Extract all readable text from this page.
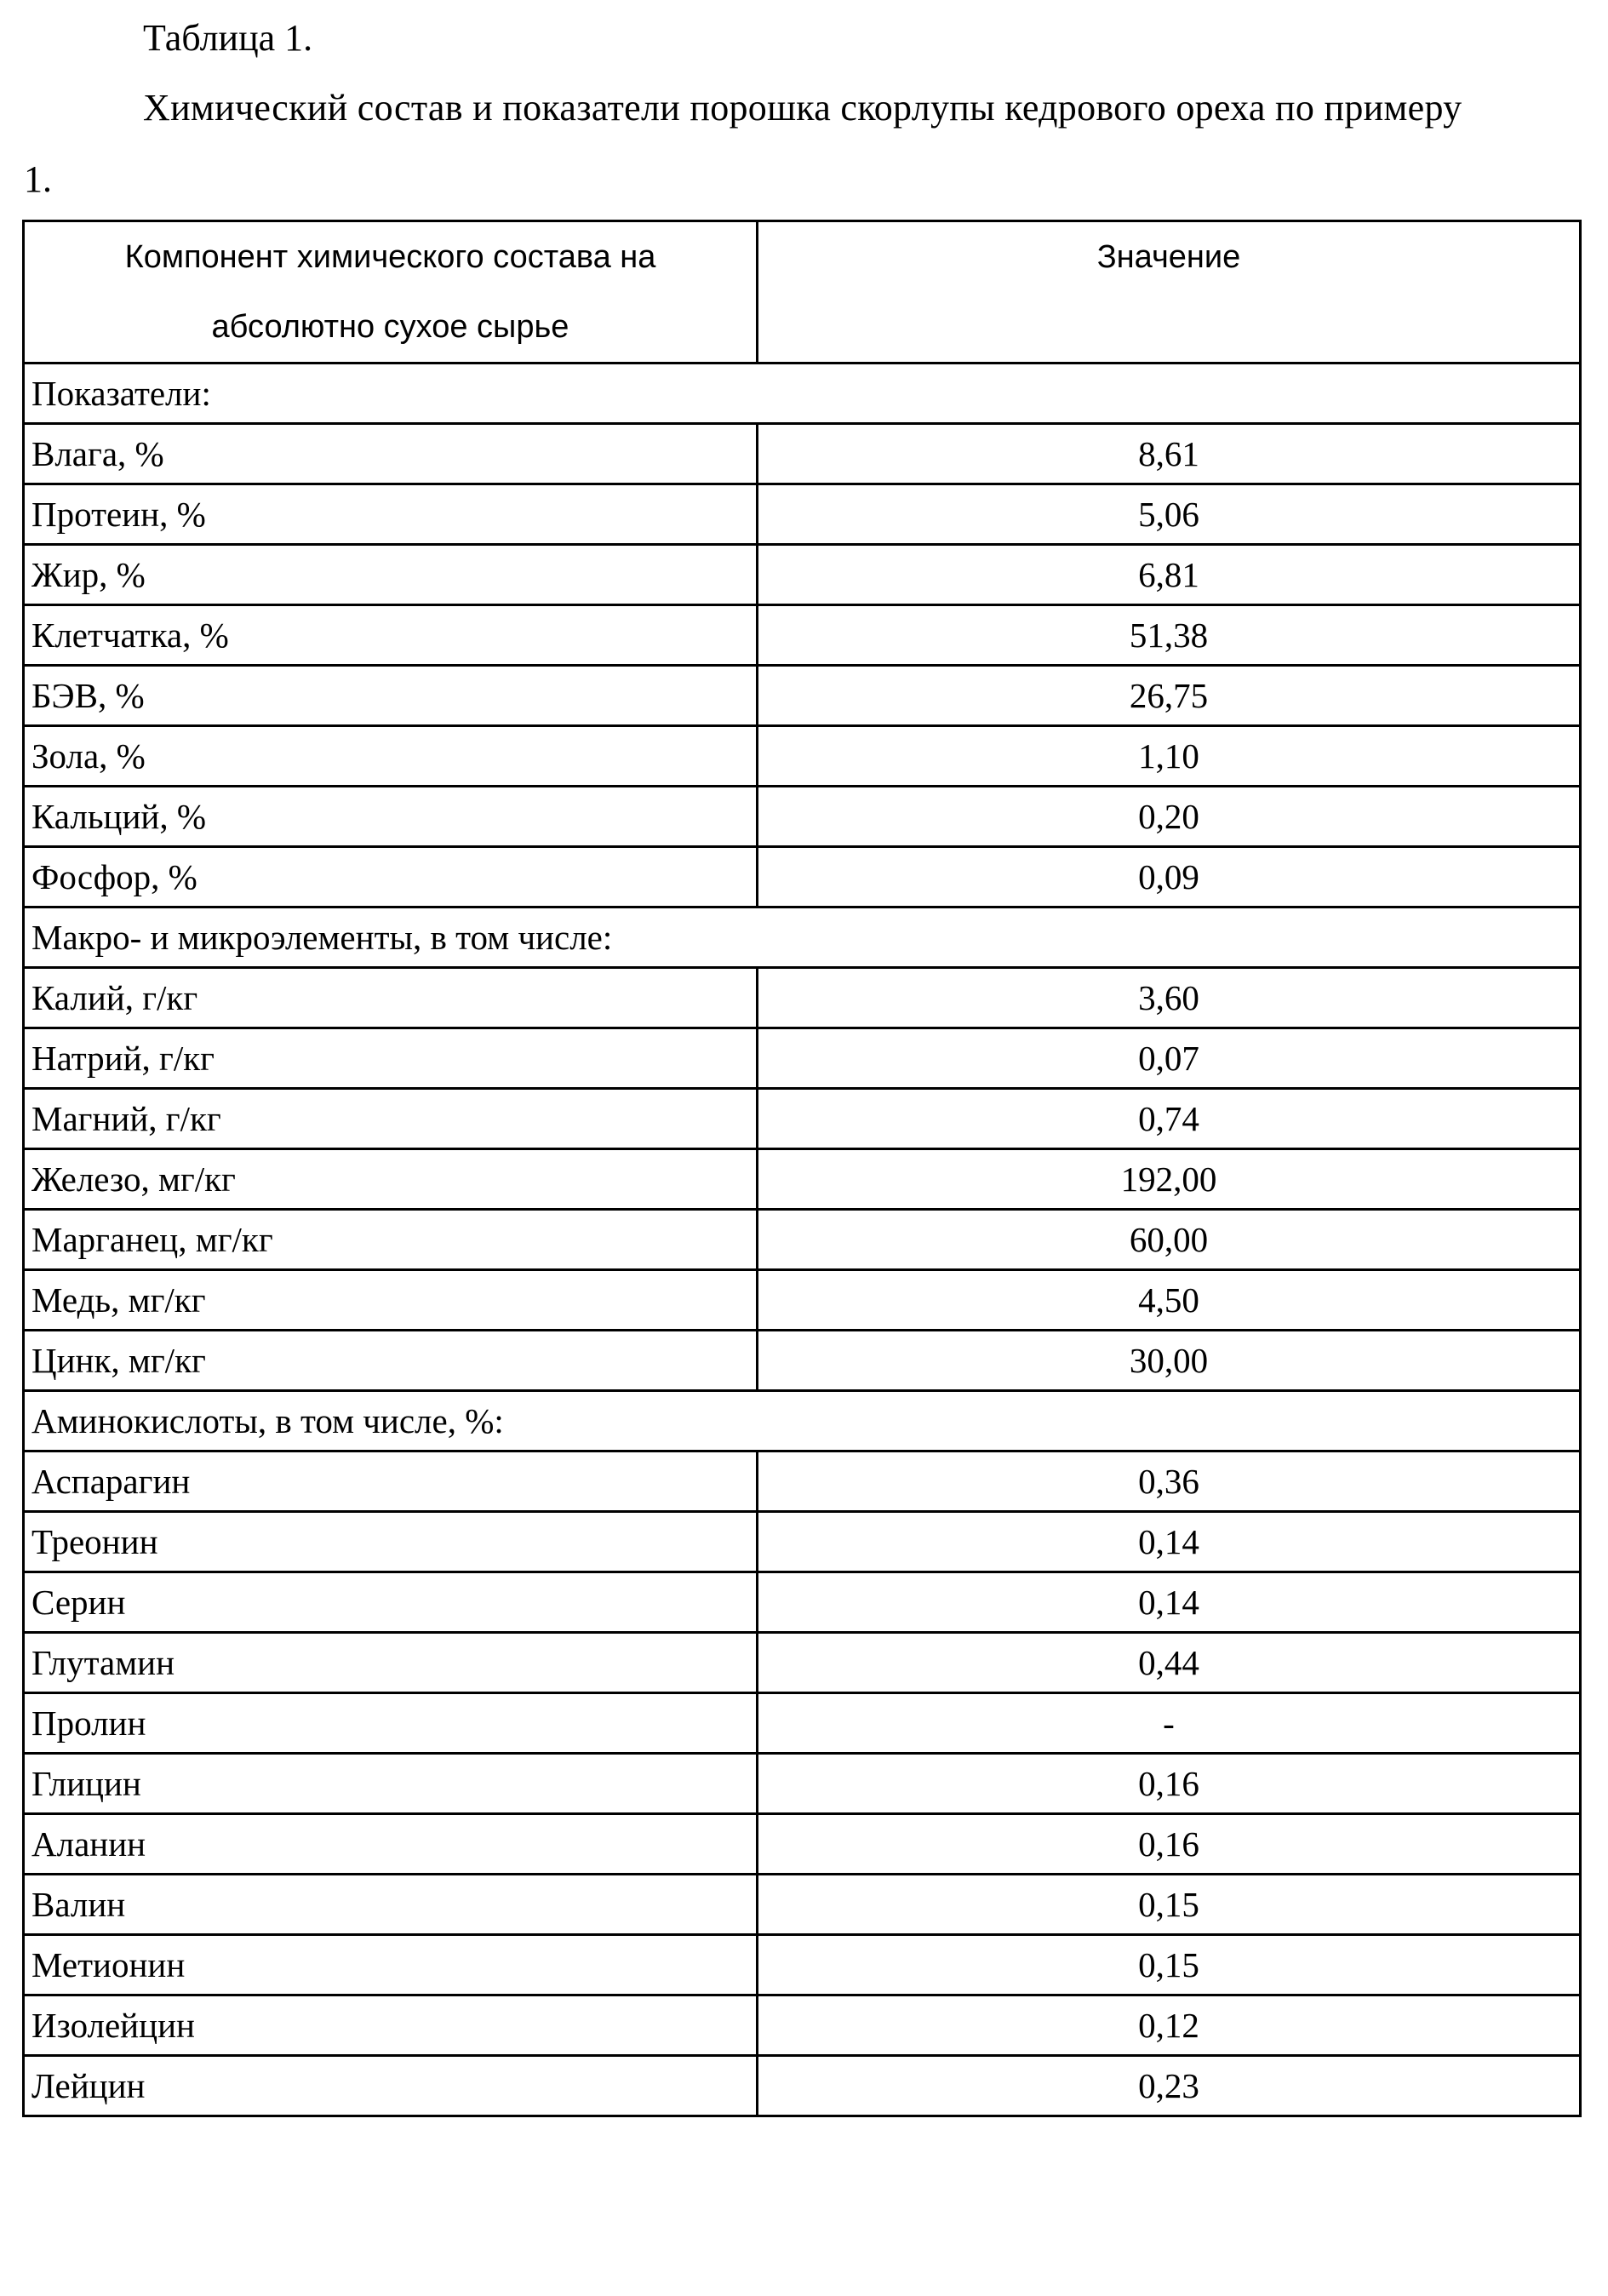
Таблица 1.
Химический состав и показатели порошка скорлупы кедрового ореха по примеру
1.
Компонент химического состава на
абсолютно сухое сырье	Значение
Показатели:	
Влага, %	8,61
Протеин, %	5,06
Жир, %	6,81
Клетчатка, %	51,38
БЭВ, %	26,75
Зола, %	1,10
Кальций, %	0,20
Фосфор, %	0,09
Макро- и микроэлементы, в том числе:	
Калий, г/кг	3,60
Натрий, г/кг	0,07
Магний, г/кг	0,74
Железо, мг/кг	192,00
Марганец, мг/кг	60,00
Медь, мг/кг	4,50
Цинк, мг/кг	30,00
Аминокислоты, в том числе, %:	
Аспарагин	0,36
Треонин	0,14
Серин	0,14
Глутамин	0,44
Пролин	-
Глицин	0,16
Аланин	0,16
Валин	0,15
Метионин	0,15
Изолейцин	0,12
Лейцин	0,23
